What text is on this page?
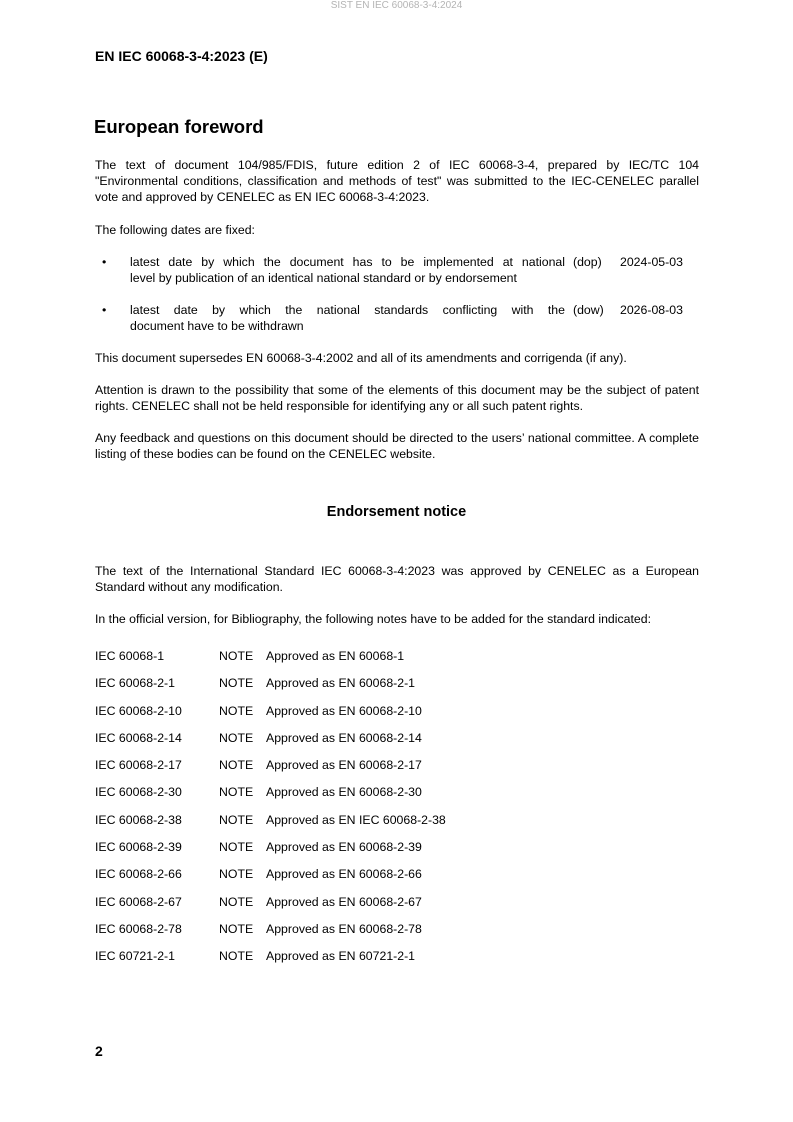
SIST EN IEC 60068-3-4:2024
EN IEC 60068-3-4:2023 (E)
European foreword
The text of document 104/985/FDIS, future edition 2 of IEC 60068-3-4, prepared by IEC/TC 104 "Environmental conditions, classification and methods of test" was submitted to the IEC-CENELEC parallel vote and approved by CENELEC as EN IEC 60068-3-4:2023.
The following dates are fixed:
• latest date by which the document has to be implemented at national
level by publication of an identical national standard or by endorsement
(dop) 2024-05-03
• latest date by which the national standards conflicting with the
document have to be withdrawn
(dow) 2026-08-03
This document supersedes EN 60068-3-4:2002 and all of its amendments and corrigenda (if any).
Attention is drawn to the possibility that some of the elements of this document may be the subject of patent rights. CENELEC shall not be held responsible for identifying any or all such patent rights.
Any feedback and questions on this document should be directed to the users’ national committee. A complete listing of these bodies can be found on the CENELEC website.
Endorsement notice
The text of the International Standard IEC 60068-3-4:2023 was approved by CENELEC as a European Standard without any modification.
In the official version, for Bibliography, the following notes have to be added for the standard indicated:
IEC 60068-1	NOTE Approved as EN 60068-1
IEC 60068-2-1	NOTE Approved as EN 60068-2-1
IEC 60068-2-10	NOTE Approved as EN 60068-2-10
IEC 60068-2-14	NOTE Approved as EN 60068-2-14
IEC 60068-2-17	NOTE Approved as EN 60068-2-17
IEC 60068-2-30	NOTE Approved as EN 60068-2-30
IEC 60068-2-38	NOTE Approved as EN IEC 60068-2-38
IEC 60068-2-39	NOTE Approved as EN 60068-2-39
IEC 60068-2-66	NOTE Approved as EN 60068-2-66
IEC 60068-2-67	NOTE Approved as EN 60068-2-67
IEC 60068-2-78	NOTE Approved as EN 60068-2-78
IEC 60721-2-1	NOTE Approved as EN 60721-2-1
2
